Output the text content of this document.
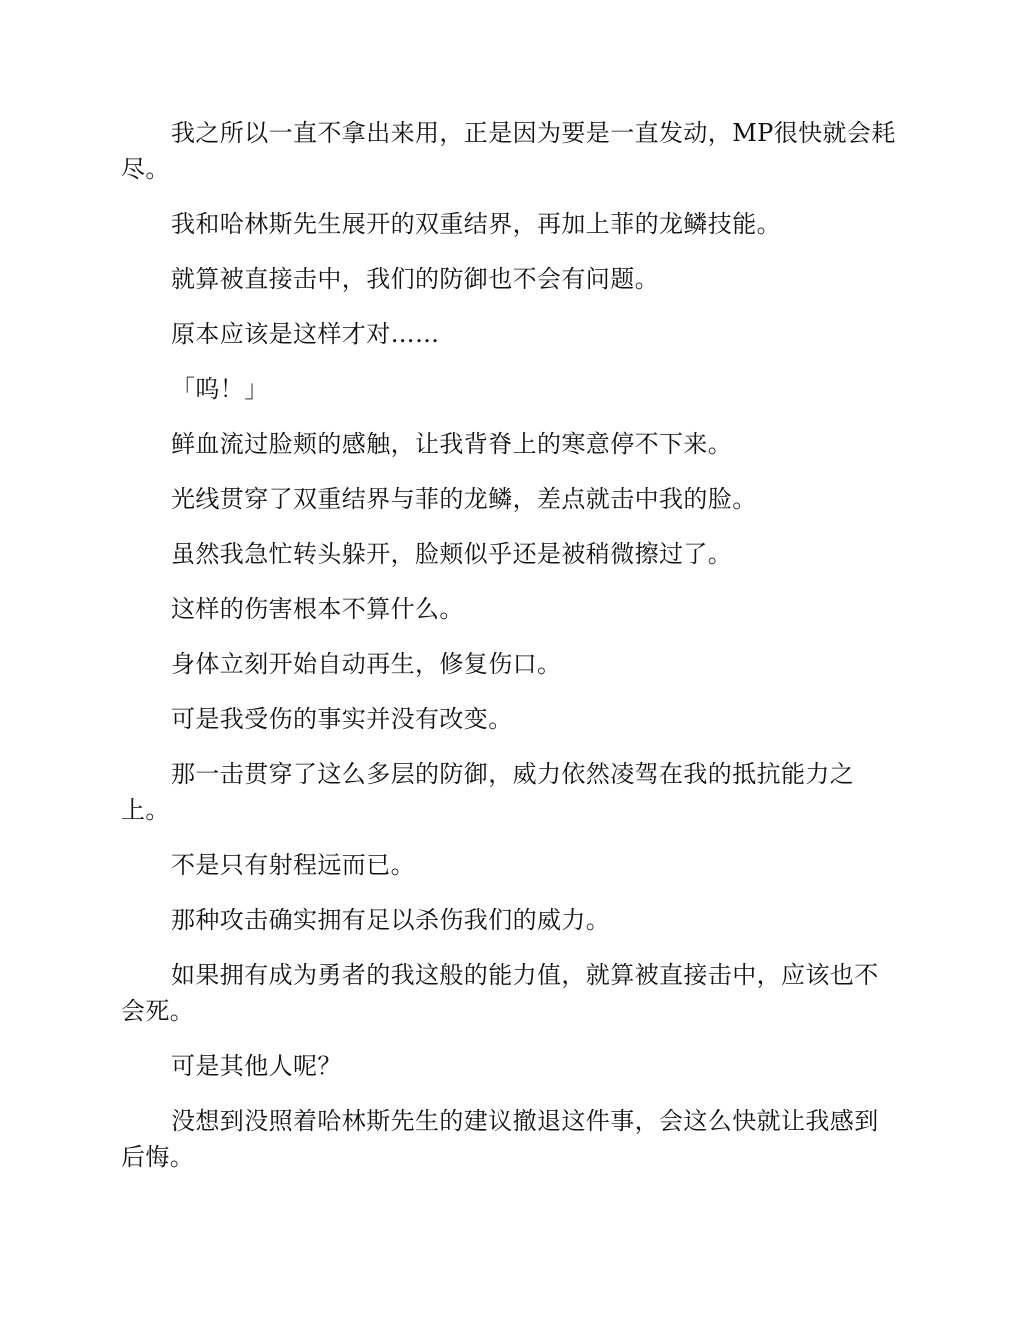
我之所以一直不拿出来用，正是因为要是一直发动，MP很快就会耗尽。

我和哈林斯先生展开的双重结界，再加上菲的龙鳞技能。

就算被直接击中，我们的防御也不会有问题。

原本应该是这样才对……

「呜！」

鲜血流过脸颊的感触，让我背脊上的寒意停不下来。

光线贯穿了双重结界与菲的龙鳞，差点就击中我的脸。

虽然我急忙转头躲开，脸颊似乎还是被稍微擦过了。

这样的伤害根本不算什么。

身体立刻开始自动再生，修复伤口。

可是我受伤的事实并没有改变。

那一击贯穿了这么多层的防御，威力依然凌驾在我的抵抗能力之上。

不是只有射程远而已。

那种攻击确实拥有足以杀伤我们的威力。

如果拥有成为勇者的我这般的能力值，就算被直接击中，应该也不会死。

可是其他人呢？

没想到没照着哈林斯先生的建议撤退这件事，会这么快就让我感到后悔。
